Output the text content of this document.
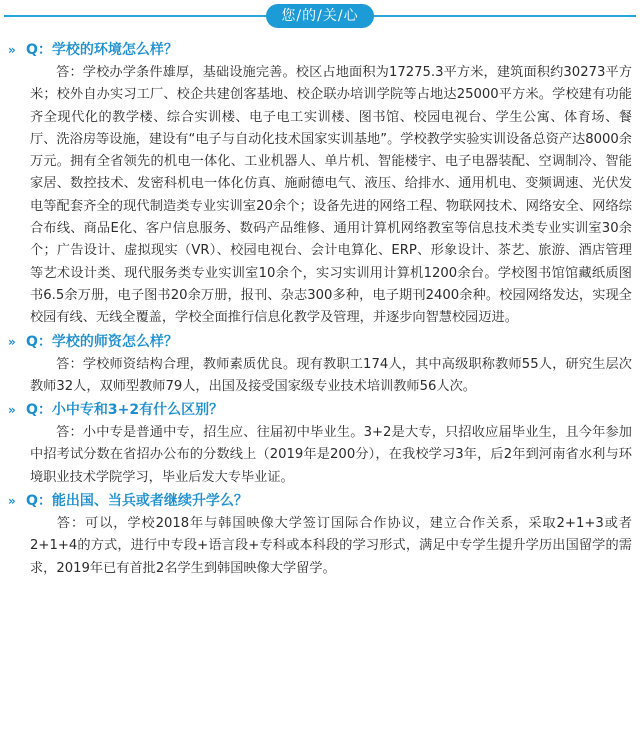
您/的/关/心
» Q：学校的环境怎么样？

答：学校办学条件雄厚，基础设施完善。校区占地面积为17275.3平方米，建筑面积约30273平方米；校外自办实习工厂、校企共建创客基地、校企联办培训学院等占地达25000平方米。学校建有功能齐全现代化的教学楼、综合实训楼、电子电工实训楼、图书馆、校园电视台、学生公寓、体育场、餐厅、洗浴房等设施，建设有“电子与自动化技术国家实训基地”。学校教学实验实训设备总资产达8000余万元。拥有全省领先的机电一体化、工业机器人、单片机、智能楼宇、电子电器装配、空调制冷、智能家居、数控技术、发密科机电一体化仿真、施耐德电气、液压、给排水、通用机电、变频调速、光伏发电等配套齐全的现代制造类专业实训室20余个；设备先进的网络工程、物联网技术、网络安全、网络综合布线、商品E化、客户信息服务、数码产品维修、通用计算机网络教室等信息技术类专业实训室30余个；广告设计、虚拟现实（VR）、校园电视台、会计电算化、ERP、形象设计、茶艺、旅游、酒店管理等艺术设计类、现代服务类专业实训室10余个，实习实训用计算机1200余台。学校图书馆馆藏纸质图书6.5余万册，电子图书20余万册，报刊、杂志300多种，电子期刊2400余种。校园网络发达，实现全校园有线、无线全覆盖，学校全面推行信息化教学及管理，并逐步向智慧校园迈进。

» Q：学校的师资怎么样？

答：学校师资结构合理，教师素质优良。现有教职工174人，其中高级职称教师55人，研究生层次教师32人，双师型教师79人，出国及接受国家级专业技术培训教师56人次。

» Q：小中专和3+2有什么区别？

答：小中专是普通中专，招生应、往届初中毕业生。3+2是大专，只招收应届毕业生，且今年参加中招考试分数在省招办公布的分数线上（2019年是200分），在我校学习3年，后2年到河南省水利与环境职业技术学院学习，毕业后发大专毕业证。

» Q：能出国、当兵或者继续升学么？

答：可以，学校2018年与韩国映像大学签订国际合作协议，建立合作关系，采取2+1+3或者2+1+4的方式，进行中专段+语言段+专科或本科段的学习形式，满足中专学生提升学历出国留学的需求，2019年已有首批2名学生到韩国映像大学留学。
